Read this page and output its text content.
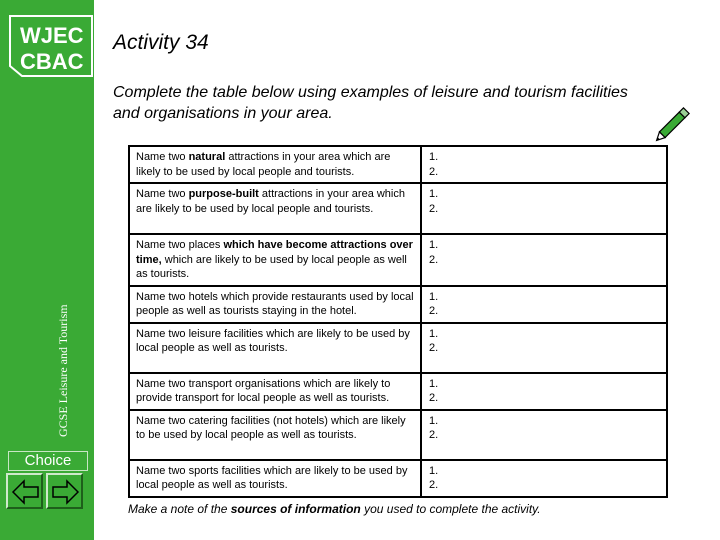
WJEC
CBAC
GCSE Leisure and Tourism
Choice
Activity 34
Complete the table below using examples of leisure and tourism facilities and organisations in your area.
Name two natural attractions in your area which are likely to be used by local people and tourists.	1.
2.

Name two purpose-built attractions in your area which are likely to be used by local people and tourists.	1.
2.

Name two places which have become attractions over time, which are likely to be used by local people as well as tourists.	1.
2.

Name two hotels which provide restaurants used by local people as well as tourists staying in the hotel.	1.
2.

Name two leisure facilities which are likely to be used by local people as well as tourists.	1.
2.

Name two transport organisations which are likely to provide transport for local people as well as tourists.	1.
2.

Name two catering facilities (not hotels) which are likely to be used by local people as well as tourists.	1.
2.

Name two sports facilities which are likely to be used by local people as well as tourists.	1.
2.
Make a note of the sources of information you used to complete the activity.
